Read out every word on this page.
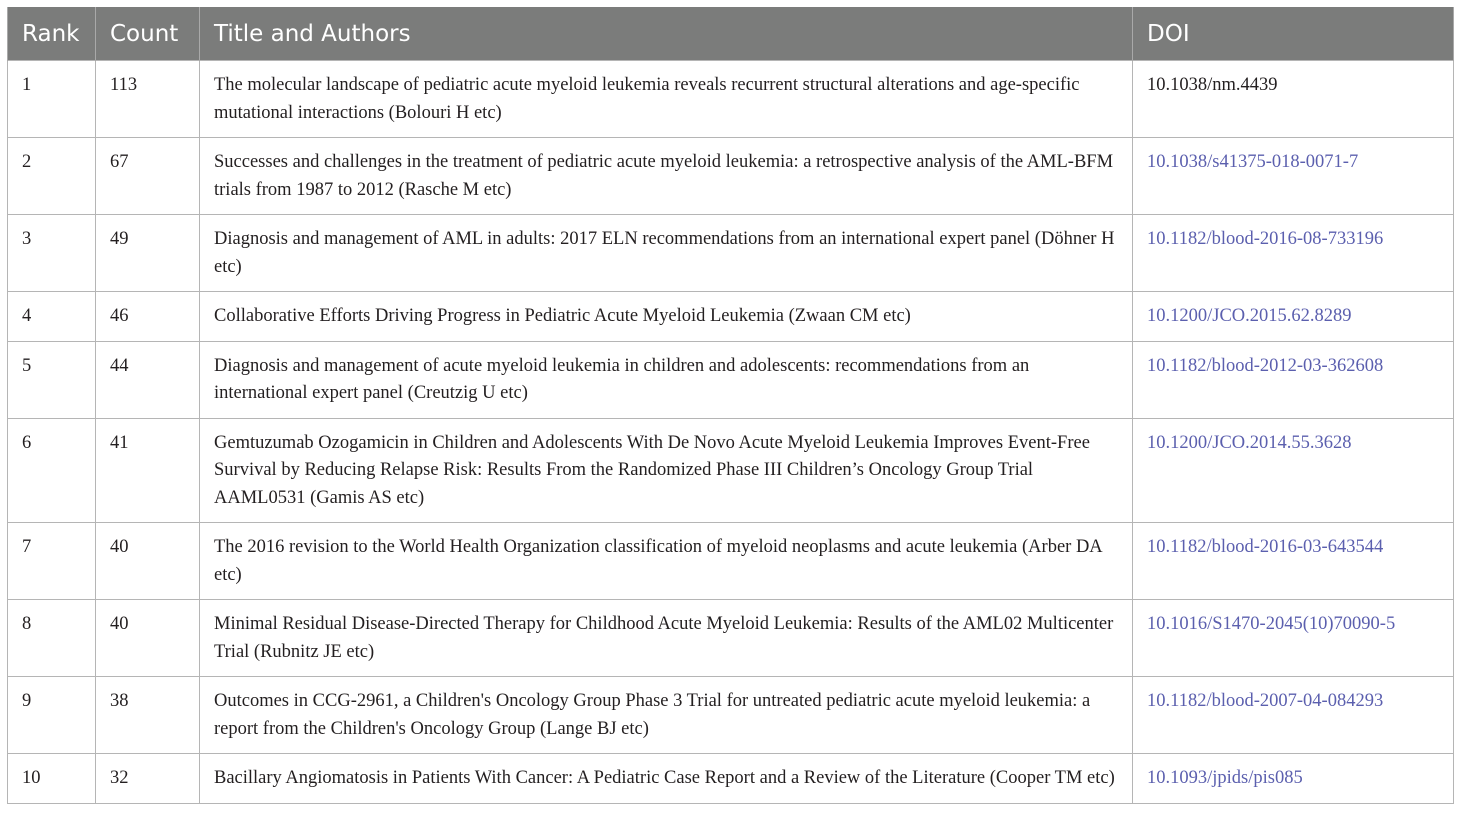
Rank	Count	Title and Authors	DOI
1	113	The molecular landscape of pediatric acute myeloid leukemia reveals recurrent structural alterations and age-specific mutational interactions (Bolouri H etc)	10.1038/nm.4439
2	67	Successes and challenges in the treatment of pediatric acute myeloid leukemia: a retrospective analysis of the AML-BFM trials from 1987 to 2012 (Rasche M etc)	10.1038/s41375-018-0071-7
3	49	Diagnosis and management of AML in adults: 2017 ELN recommendations from an international expert panel (Döhner H etc)	10.1182/blood-2016-08-733196
4	46	Collaborative Efforts Driving Progress in Pediatric Acute Myeloid Leukemia (Zwaan CM etc)	10.1200/JCO.2015.62.8289
5	44	Diagnosis and management of acute myeloid leukemia in children and adolescents: recommendations from an international expert panel (Creutzig U etc)	10.1182/blood-2012-03-362608
6	41	Gemtuzumab Ozogamicin in Children and Adolescents With De Novo Acute Myeloid Leukemia Improves Event-Free Survival by Reducing Relapse Risk: Results From the Randomized Phase III Children’s Oncology Group Trial AAML0531 (Gamis AS etc)	10.1200/JCO.2014.55.3628
7	40	The 2016 revision to the World Health Organization classification of myeloid neoplasms and acute leukemia (Arber DA etc)	10.1182/blood-2016-03-643544
8	40	Minimal Residual Disease-Directed Therapy for Childhood Acute Myeloid Leukemia: Results of the AML02 Multicenter Trial (Rubnitz JE etc)	10.1016/S1470-2045(10)70090-5
9	38	Outcomes in CCG-2961, a Children's Oncology Group Phase 3 Trial for untreated pediatric acute myeloid leukemia: a report from the Children's Oncology Group (Lange BJ etc)	10.1182/blood-2007-04-084293
10	32	Bacillary Angiomatosis in Patients With Cancer: A Pediatric Case Report and a Review of the Literature (Cooper TM etc)	10.1093/jpids/pis085
